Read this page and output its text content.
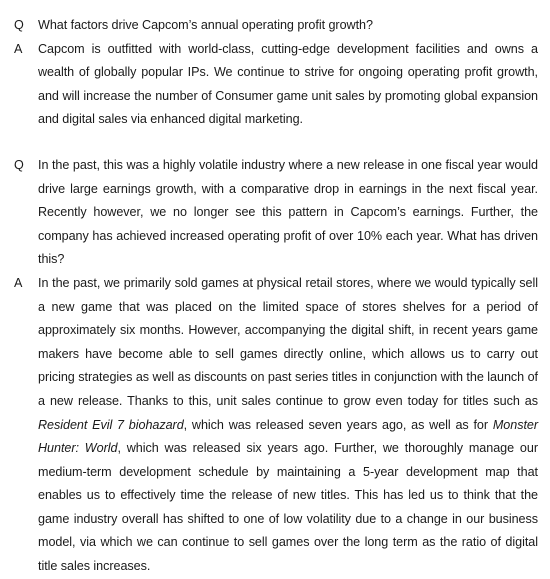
Q	What factors drive Capcom’s annual operating profit growth?
A	Capcom is outfitted with world-class, cutting-edge development facilities and owns a wealth of globally popular IPs. We continue to strive for ongoing operating profit growth, and will increase the number of Consumer game unit sales by promoting global expansion and digital sales via enhanced digital marketing.
Q	In the past, this was a highly volatile industry where a new release in one fiscal year would drive large earnings growth, with a comparative drop in earnings in the next fiscal year. Recently however, we no longer see this pattern in Capcom’s earnings. Further, the company has achieved increased operating profit of over 10% each year. What has driven this?
A	In the past, we primarily sold games at physical retail stores, where we would typically sell a new game that was placed on the limited space of stores shelves for a period of approximately six months. However, accompanying the digital shift, in recent years game makers have become able to sell games directly online, which allows us to carry out pricing strategies as well as discounts on past series titles in conjunction with the launch of a new release. Thanks to this, unit sales continue to grow even today for titles such as Resident Evil 7 biohazard, which was released seven years ago, as well as for Monster Hunter: World, which was released six years ago. Further, we thoroughly manage our medium-term development schedule by maintaining a 5-year development map that enables us to effectively time the release of new titles. This has led us to think that the game industry overall has shifted to one of low volatility due to a change in our business model, via which we can continue to sell games over the long term as the ratio of digital title sales increases.
